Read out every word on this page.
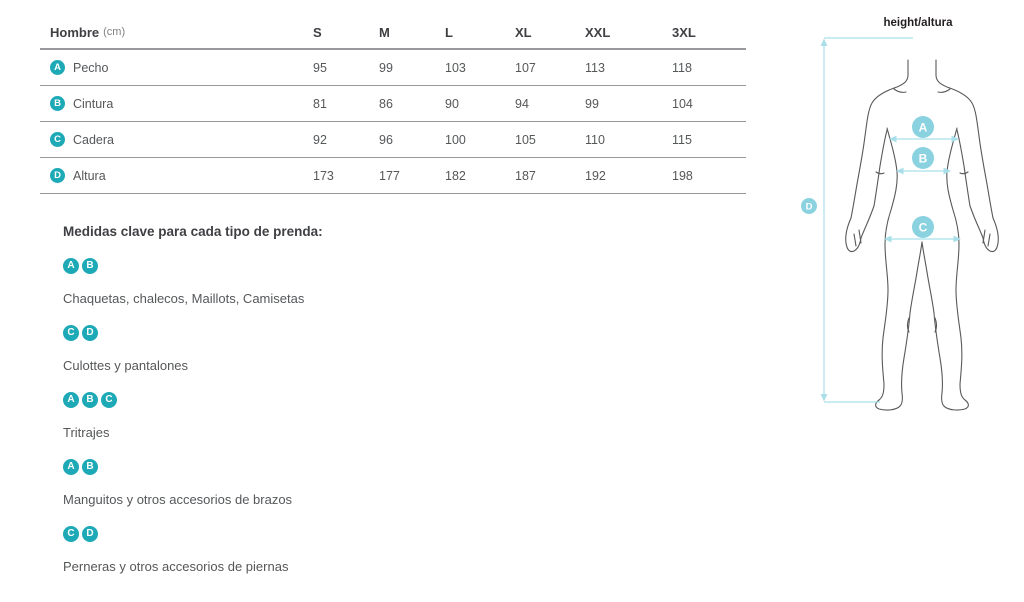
Hombre (cm)	S	M	L	XL	XXL	3XL
A Pecho	95	99	103	107	113	118
B Cintura	81	86	90	94	99	104
C Cadera	92	96	100	105	110	115
D Altura	173	177	182	187	192	198
Medidas clave para cada tipo de prenda:
A	B
Chaquetas, chalecos, Maillots, Camisetas
C	D
Culottes y pantalones
A	B	C
Tritrajes
A	B
Manguitos y otros accesorios de brazos
C	D
Perneras y otros accesorios de piernas
height/altura
A
B
C
D
